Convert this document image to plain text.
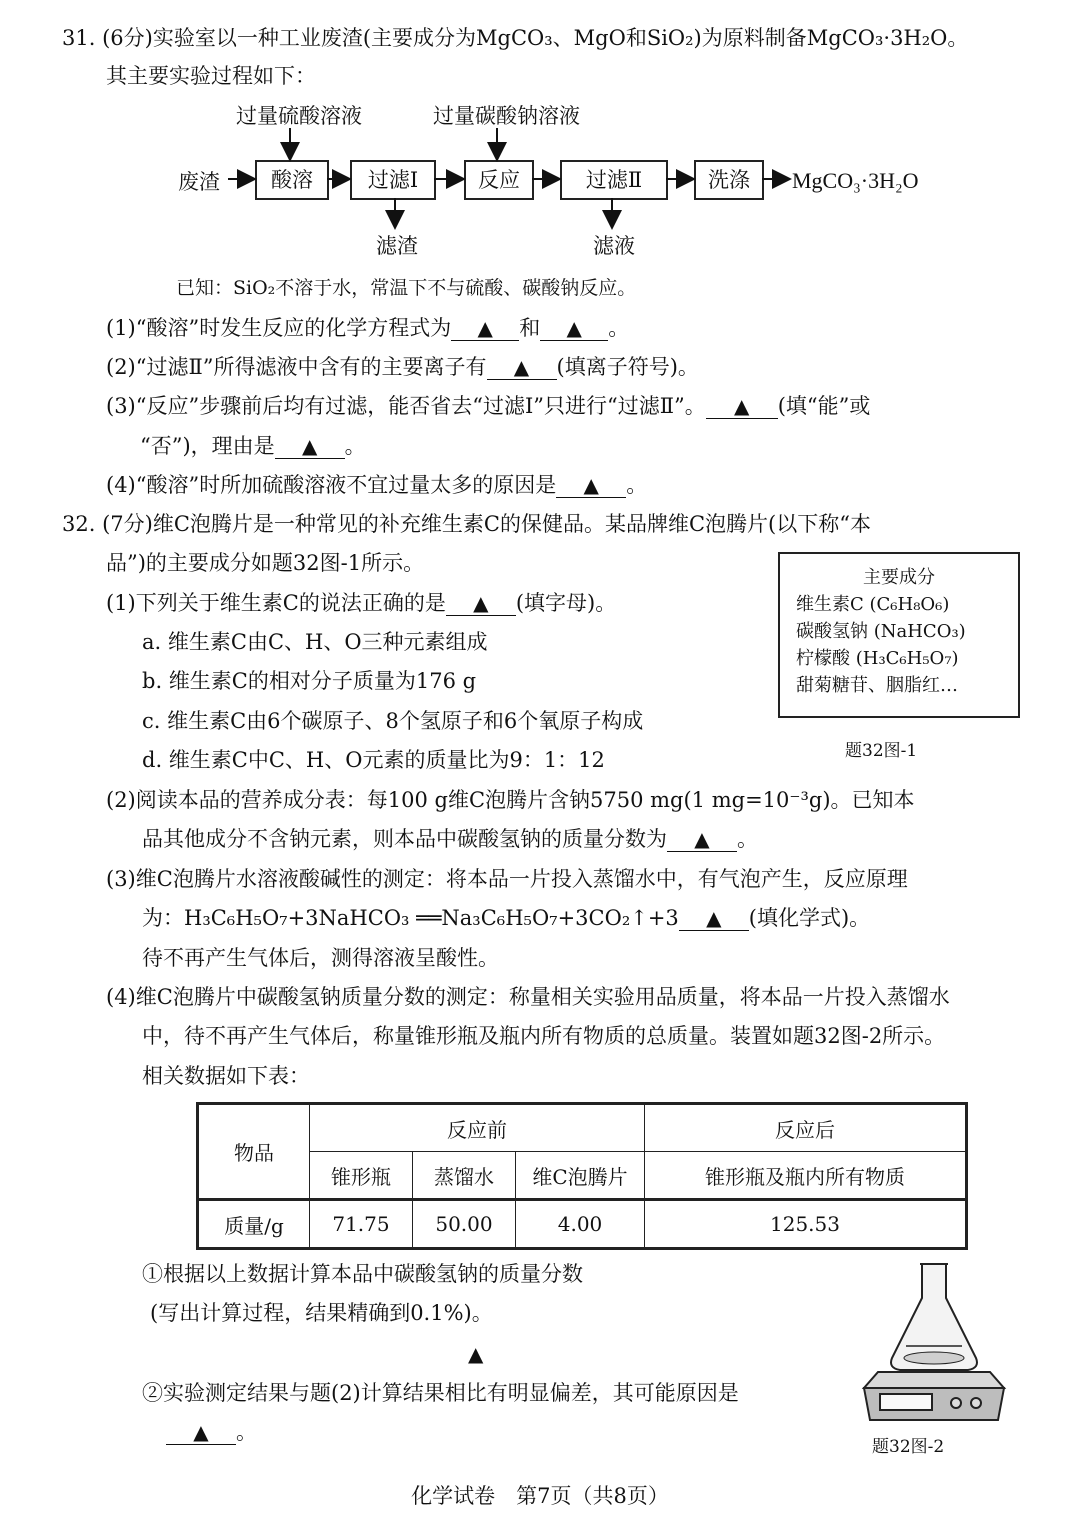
31. (6分)实验室以一种工业废渣(主要成分为MgCO₃、MgO和SiO₂)为原料制备MgCO₃·3H₂O。
其主要实验过程如下：
过量硫酸溶液	过量碳酸钠溶液
废渣	酸溶	过滤Ⅰ	反应	过滤Ⅱ	洗涤	MgCO₃·3H₂O
滤渣	滤液
已知：SiO₂不溶于水，常温下不与硫酸、碳酸钠反应。
(1)“酸溶”时发生反应的化学方程式为 ▲ 和 ▲ 。
(2)“过滤Ⅱ”所得滤液中含有的主要离子有 ▲ (填离子符号)。
(3)“反应”步骤前后均有过滤，能否省去“过滤Ⅰ”只进行“过滤Ⅱ”。 ▲ (填“能”或
“否”)，理由是 ▲ 。
(4)“酸溶”时所加硫酸溶液不宜过量太多的原因是 ▲ 。
32. (7分)维C泡腾片是一种常见的补充维生素C的保健品。某品牌维C泡腾片(以下称“本
品”)的主要成分如题32图-1所示。
主要成分
维生素C (C₆H₈O₆)
碳酸氢钠 (NaHCO₃)
柠檬酸 (H₃C₆H₅O₇)
甜菊糖苷、胭脂红…
题32图-1
(1)下列关于维生素C的说法正确的是 ▲ (填字母)。
a. 维生素C由C、H、O三种元素组成
b. 维生素C的相对分子质量为176 g
c. 维生素C由6个碳原子、8个氢原子和6个氧原子构成
d. 维生素C中C、H、O元素的质量比为9：1：12
(2)阅读本品的营养成分表：每100 g维C泡腾片含钠5750 mg(1 mg=10⁻³g)。已知本
品其他成分不含钠元素，则本品中碳酸氢钠的质量分数为 ▲ 。
(3)维C泡腾片水溶液酸碱性的测定：将本品一片投入蒸馏水中，有气泡产生，反应原理
为：H₃C₆H₅O₇+3NaHCO₃ ══Na₃C₆H₅O₇+3CO₂↑+3 ▲ (填化学式)。
待不再产生气体后，测得溶液呈酸性。
(4)维C泡腾片中碳酸氢钠质量分数的测定：称量相关实验用品质量，将本品一片投入蒸馏水
中，待不再产生气体后，称量锥形瓶及瓶内所有物质的总质量。装置如题32图-2所示。
相关数据如下表：
物品	反应前			反应后
	锥形瓶	蒸馏水	维C泡腾片	锥形瓶及瓶内所有物质
质量/g	71.75	50.00	4.00	125.53
①根据以上数据计算本品中碳酸氢钠的质量分数
(写出计算过程，结果精确到0.1%)。
▲
②实验测定结果与题(2)计算结果相比有明显偏差，其可能原因是
▲ 。
题32图-2
化学试卷　第7页（共8页）
